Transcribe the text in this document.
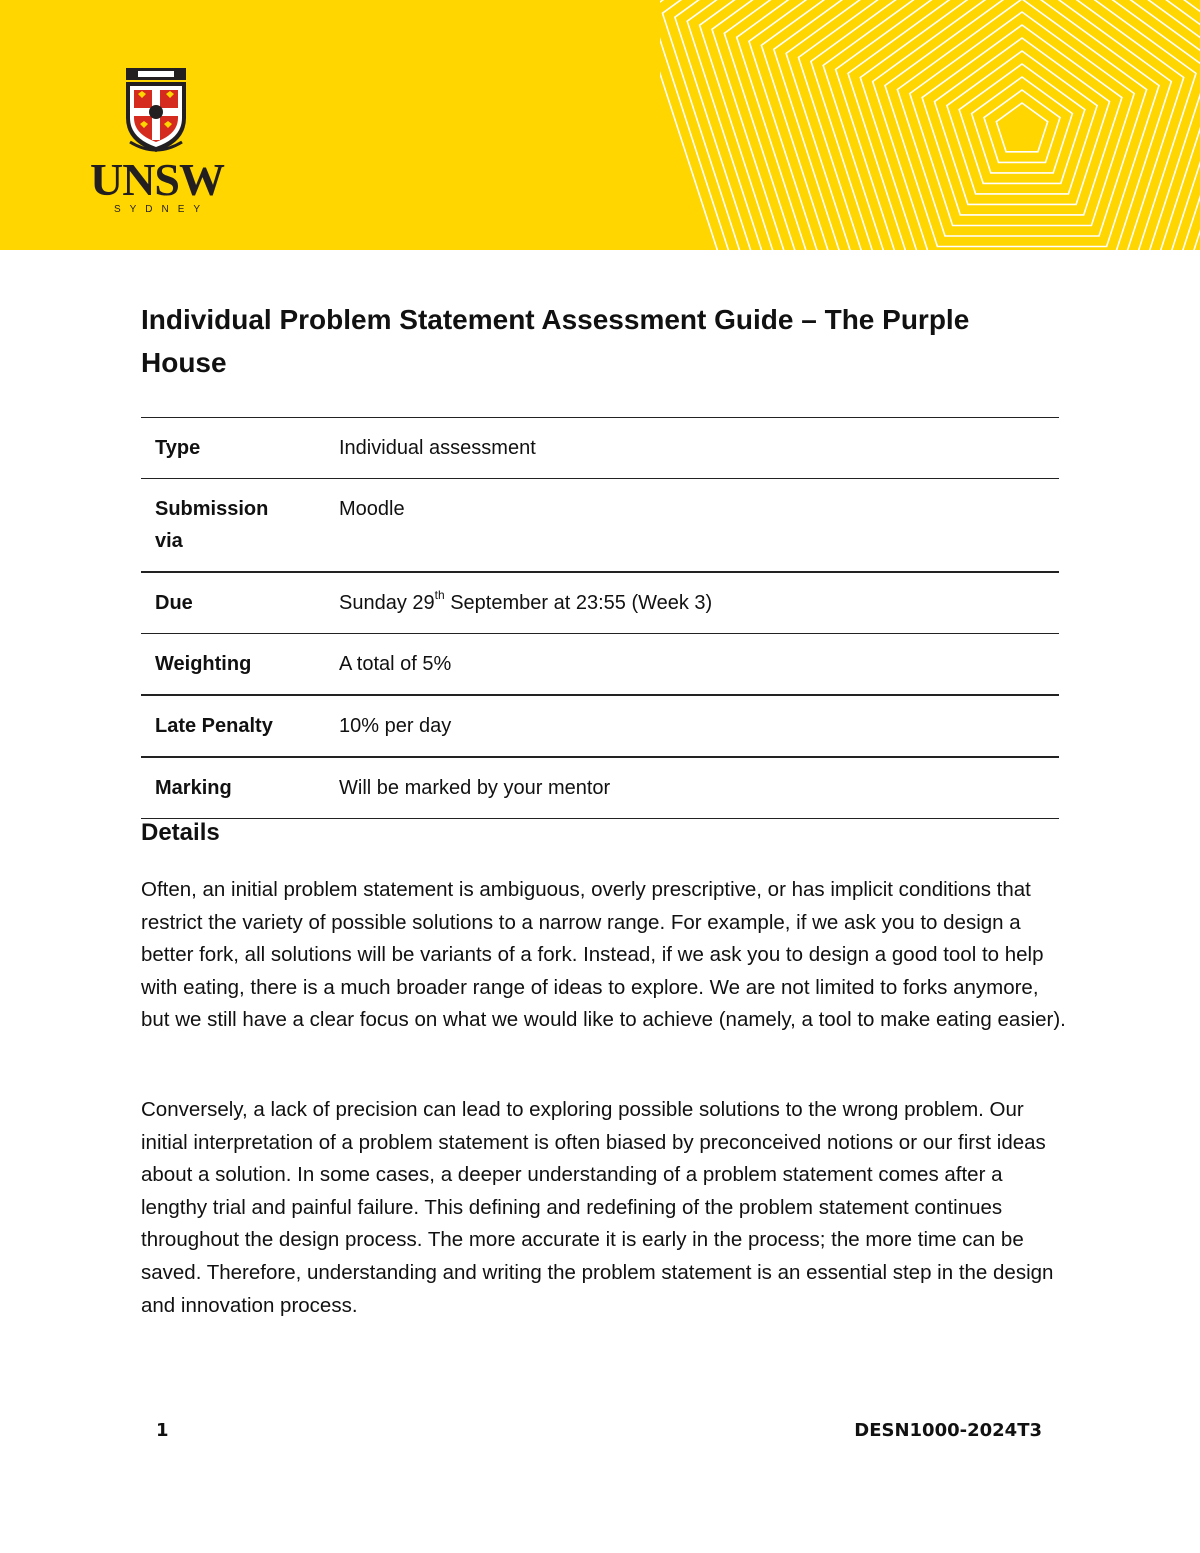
UNSW
SYDNEY
Individual Problem Statement Assessment Guide – The Purple House
Type	Individual assessment
Submission via	Moodle
Due	Sunday 29th September at 23:55 (Week 3)
Weighting	A total of 5%
Late Penalty	10% per day
Marking	Will be marked by your mentor
Details

Often, an initial problem statement is ambiguous, overly prescriptive, or has implicit conditions that restrict the variety of possible solutions to a narrow range. For example, if we ask you to design a better fork, all solutions will be variants of a fork. Instead, if we ask you to design a good tool to help with eating, there is a much broader range of ideas to explore. We are not limited to forks anymore, but we still have a clear focus on what we would like to achieve (namely, a tool to make eating easier).

Conversely, a lack of precision can lead to exploring possible solutions to the wrong problem. Our initial interpretation of a problem statement is often biased by preconceived notions or our first ideas about a solution. In some cases, a deeper understanding of a problem statement comes after a lengthy trial and painful failure. This defining and redefining of the problem statement continues throughout the design process. The more accurate it is early in the process; the more time can be saved. Therefore, understanding and writing the problem statement is an essential step in the design and innovation process.

1	DESN1000-2024T3
